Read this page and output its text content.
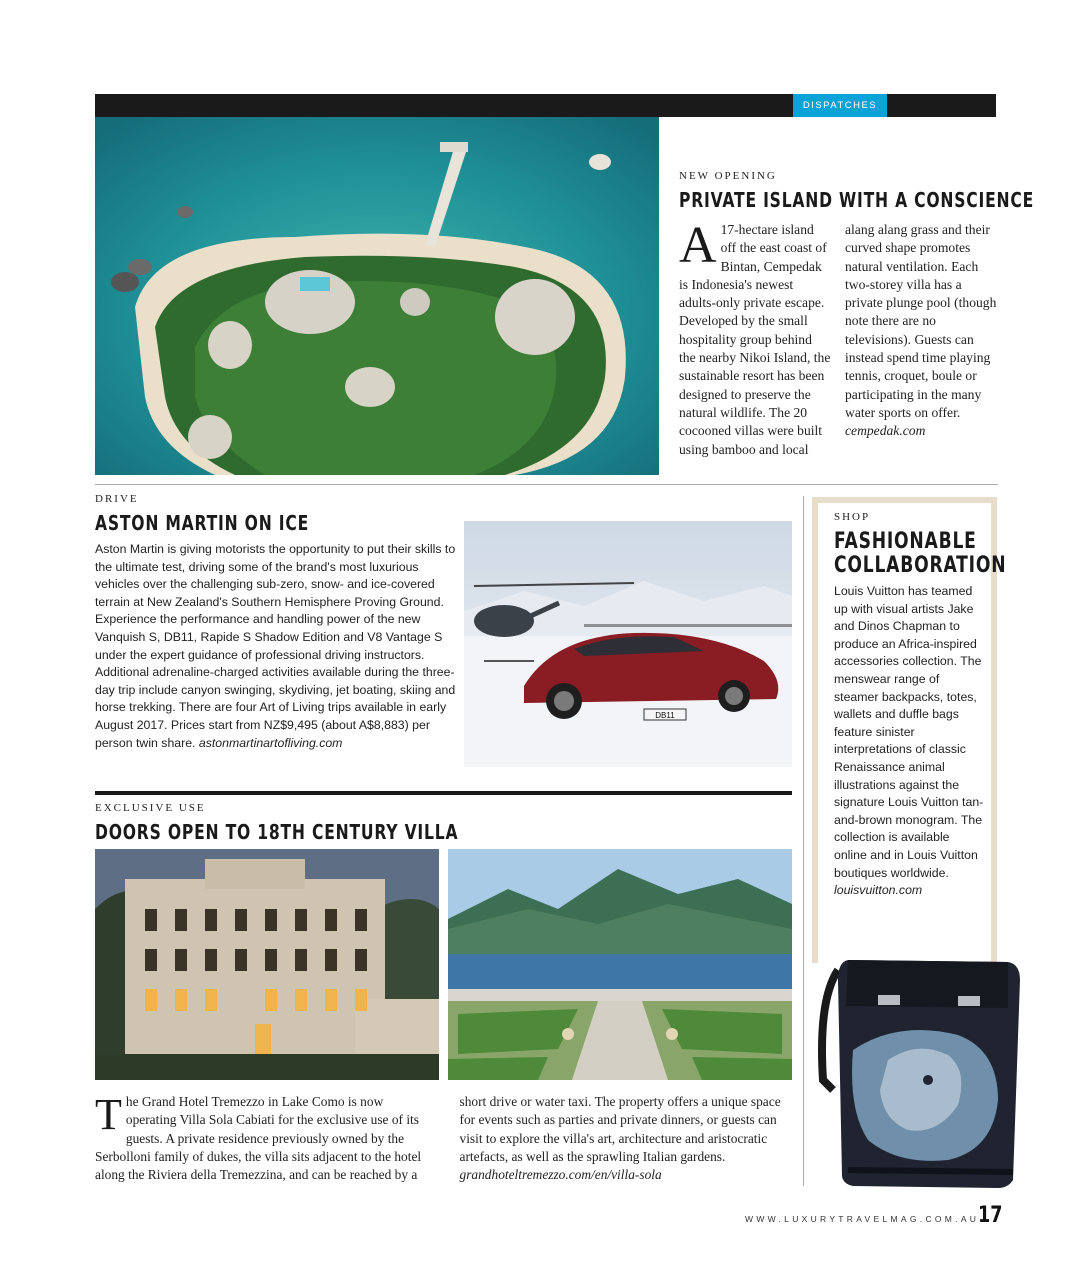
DISPATCHES
NEW OPENING
PRIVATE ISLAND WITH A CONSCIENCE
A 17-hectare island off the east coast of Bintan, Cempedak is Indonesia's newest adults-only private escape. Developed by the small hospitality group behind the nearby Nikoi Island, the sustainable resort has been designed to preserve the natural wildlife. The 20 cocooned villas were built using bamboo and local alang alang grass and their curved shape promotes natural ventilation. Each two-storey villa has a private plunge pool (though note there are no televisions). Guests can instead spend time playing tennis, croquet, boule or participating in the many water sports on offer. cempedak.com
DRIVE
ASTON MARTIN ON ICE
Aston Martin is giving motorists the opportunity to put their skills to the ultimate test, driving some of the brand's most luxurious vehicles over the challenging sub-zero, snow- and ice-covered terrain at New Zealand's Southern Hemisphere Proving Ground. Experience the performance and handling power of the new Vanquish S, DB11, Rapide S Shadow Edition and V8 Vantage S under the expert guidance of professional driving instructors. Additional adrenaline-charged activities available during the three-day trip include canyon swinging, skydiving, jet boating, skiing and horse trekking. There are four Art of Living trips available in early August 2017. Prices start from NZ$9,495 (about A$8,883) per person twin share. astonmartinartofliving.com
DB11
EXCLUSIVE USE
DOORS OPEN TO 18TH CENTURY VILLA
The Grand Hotel Tremezzo in Lake Como is now operating Villa Sola Cabiati for the exclusive use of its guests. A private residence previously owned by the Serbolloni family of dukes, the villa sits adjacent to the hotel along the Riviera della Tremezzina, and can be reached by a short drive or water taxi. The property offers a unique space for events such as parties and private dinners, or guests can visit to explore the villa's art, architecture and aristocratic artefacts, as well as the sprawling Italian gardens. grandhoteltremezzo.com/en/villa-sola
SHOP
FASHIONABLE
COLLABORATION
Louis Vuitton has teamed up with visual artists Jake and Dinos Chapman to produce an Africa-inspired accessories collection. The menswear range of steamer backpacks, totes, wallets and duffle bags feature sinister interpretations of classic Renaissance animal illustrations against the signature Louis Vuitton tan-and-brown monogram. The collection is available online and in Louis Vuitton boutiques worldwide. louisvuitton.com
WWW.LUXURYTRAVELMAG.COM.AU
17
